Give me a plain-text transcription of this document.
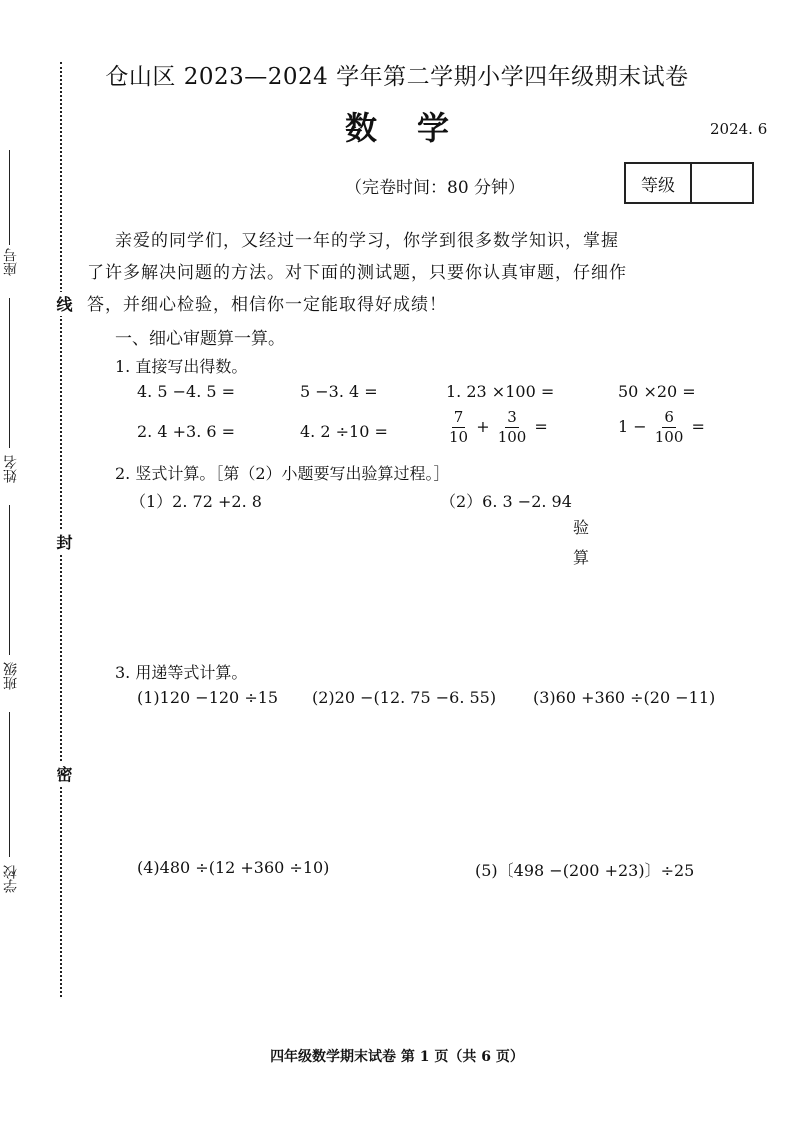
线
封
密
座号
姓名
班级
学校
仓山区 2023—2024 学年第二学期小学四年级期末试卷
数学	2024. 6
（完卷时间：80 分钟）	等级

亲爱的同学们，又经过一年的学习，你学到很多数学知识，掌握

了许多解决问题的方法。对下面的测试题，只要你认真审题，仔细作

答，并细心检验，相信你一定能取得好成绩！

一、细心审题算一算。
1. 直接写出得数。
4. 5 −4. 5 =	5 −3. 4 =	1. 23 ×100 =	50 ×20 =
2. 4 +3. 6 =	4. 2 ÷10 =	$\frac{7}{10} + \frac{3}{100}$ =	$1 - \frac{6}{100}$ =
2. 竖式计算。［第（2）小题要写出验算过程。］
（1）2. 72 +2. 8	（2）6. 3 −2. 94
验
算
3. 用递等式计算。
(1)120 −120 ÷15 (2)20 −(12. 75 −6. 55) (3)60 +360 ÷(20 −11)
(4)480 ÷(12 +360 ÷10)	(5)〔498 −(200 +23)〕÷25
四年级数学期末试卷 第 1 页（共 6 页）
